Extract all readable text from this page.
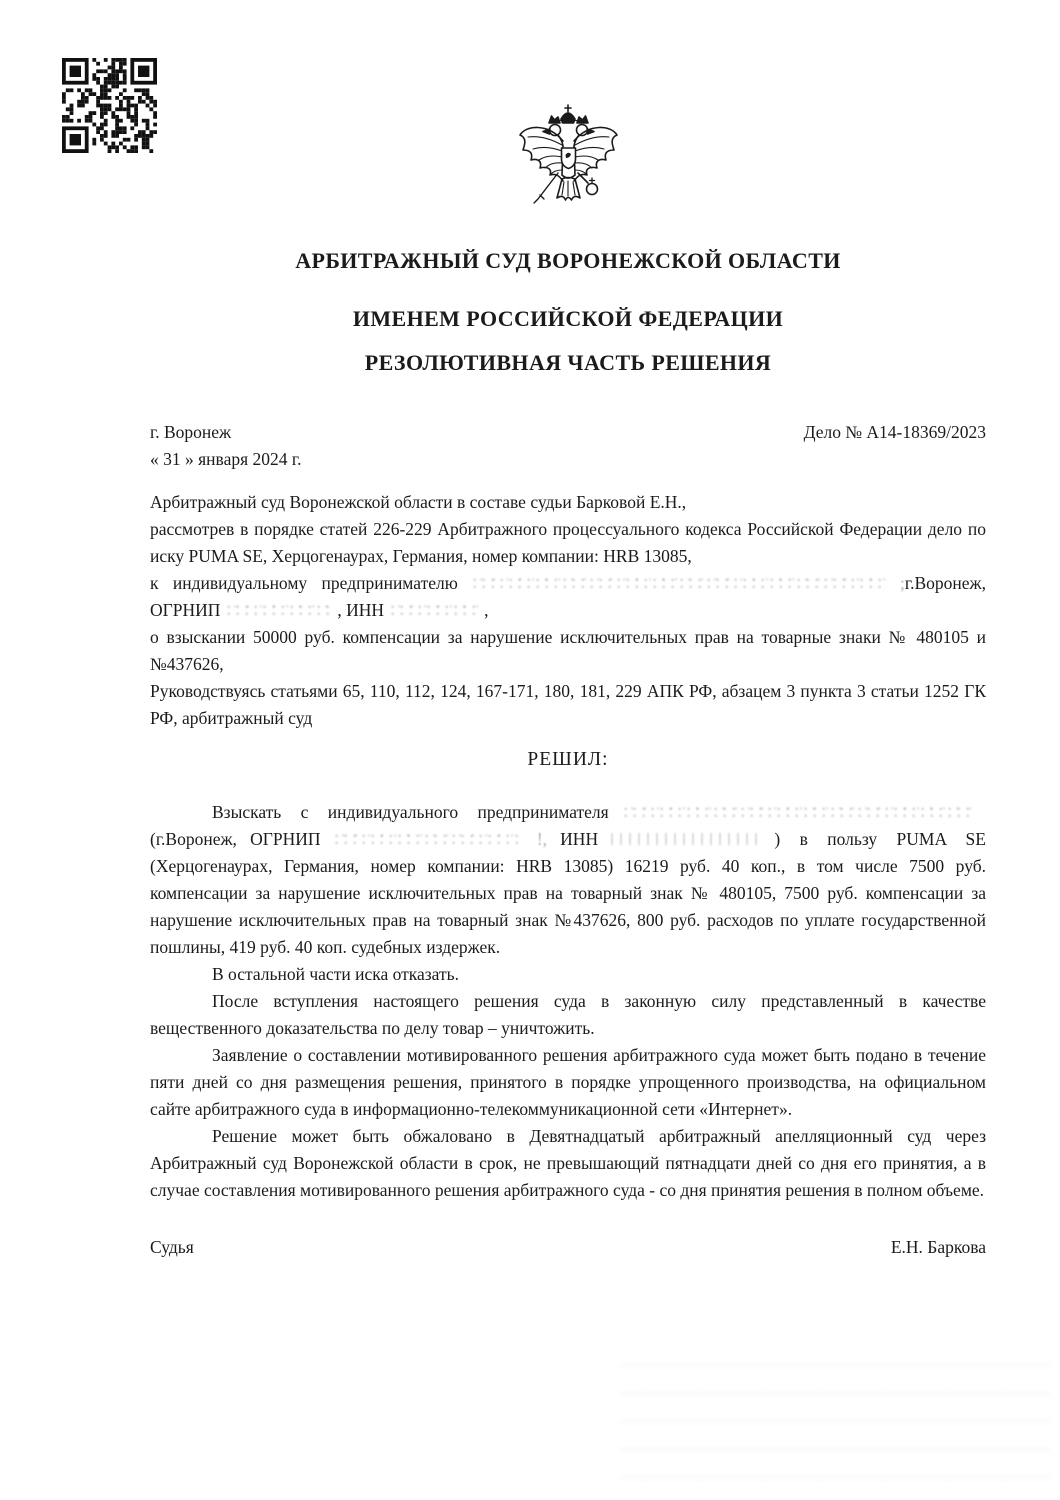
АРБИТРАЖНЫЙ СУД ВОРОНЕЖСКОЙ ОБЛАСТИ
ИМЕНЕМ РОССИЙСКОЙ ФЕДЕРАЦИИ
РЕЗОЛЮТИВНАЯ ЧАСТЬ РЕШЕНИЯ
г. Воронеж	Дело № А14-18369/2023
« 31 » января 2024 г.

Арбитражный суд Воронежской области в составе судьи Барковой Е.Н.,

рассмотрев в порядке статей 226-229 Арбитражного процессуального кодекса Российской Федерации дело по иску PUMA SE, Херцогенаурах, Германия, номер компании: HRB 13085,

к индивидуальному предпринимателю	; г.Воронеж,
ОГРНИП	, ИНН	,

о взыскании 50000 руб. компенсации за нарушение исключительных прав на товарные знаки № 480105 и №437626,

Руководствуясь статьями 65, 110, 112, 124, 167-171, 180, 181, 229 АПК РФ, абзацем 3 пункта 3 статьи 1252 ГК РФ, арбитражный суд

РЕШИЛ:
Взыскать с индивидуального предпринимателя
(г.Воронеж, ОГРНИП	!, ИНН	) в пользу PUMA SE

(Херцогенаурах, Германия, номер компании: HRB 13085) 16219 руб. 40 коп., в том числе 7500 руб. компенсации за нарушение исключительных прав на товарный знак № 480105, 7500 руб. компенсации за нарушение исключительных прав на товарный знак №437626, 800 руб. расходов по уплате государственной пошлины, 419 руб. 40 коп. судебных издержек.

В остальной части иска отказать.

После вступления настоящего решения суда в законную силу представленный в качестве вещественного доказательства по делу товар – уничтожить.

Заявление о составлении мотивированного решения арбитражного суда может быть подано в течение пяти дней со дня размещения решения, принятого в порядке упрощенного производства, на официальном сайте арбитражного суда в информационно-телекоммуникационной сети «Интернет».

Решение может быть обжаловано в Девятнадцатый арбитражный апелляционный суд через Арбитражный суд Воронежской области в срок, не превышающий пятнадцати дней со дня его принятия, а в случае составления мотивированного решения арбитражного суда - со дня принятия решения в полном объеме.

Судья	Е.Н. Баркова
